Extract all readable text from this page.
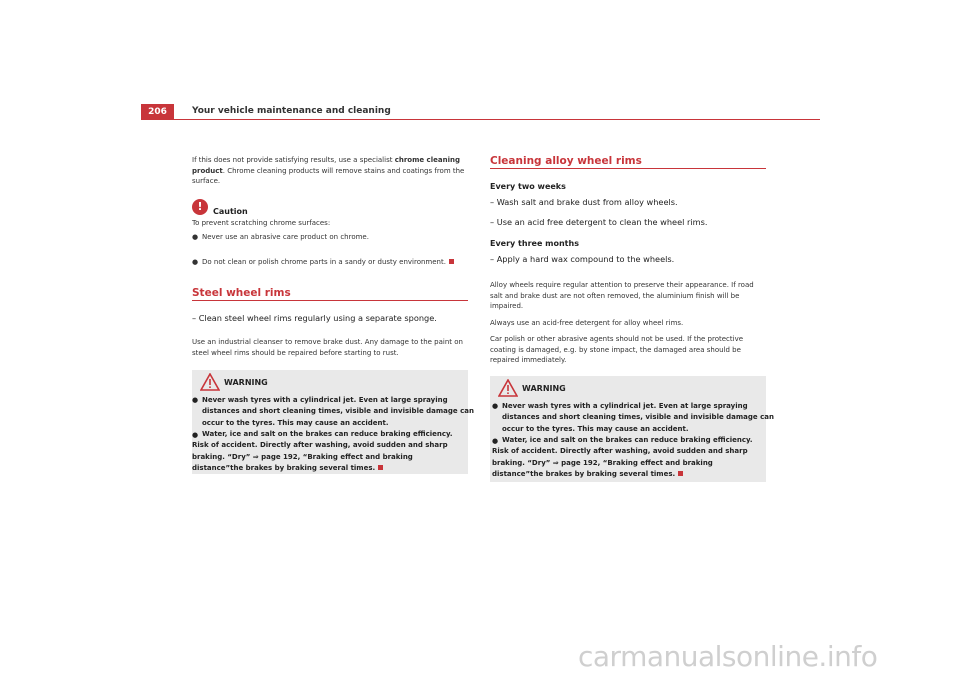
206	Your vehicle maintenance and cleaning
If this does not provide satisfying results, use a specialist chrome cleaning product. Chrome cleaning products will remove stains and coatings from the surface.
!	Caution
To prevent scratching chrome surfaces:
● Never use an abrasive care product on chrome.
● Do not clean or polish chrome parts in a sandy or dusty environment.
Steel wheel rims
– Clean steel wheel rims regularly using a separate sponge.
Use an industrial cleanser to remove brake dust. Any damage to the paint on steel wheel rims should be repaired before starting to rust.
WARNING
● Never wash tyres with a cylindrical jet. Even at large spraying distances and short cleaning times, visible and invisible damage can occur to the tyres. This may cause an accident.
● Water, ice and salt on the brakes can reduce braking efficiency. Risk of accident. Directly after washing, avoid sudden and sharp braking. “Dry” ⇒ page 192, “Braking effect and braking distance”the brakes by braking several times.
Cleaning alloy wheel rims
Every two weeks
– Wash salt and brake dust from alloy wheels.
– Use an acid free detergent to clean the wheel rims.
Every three months
– Apply a hard wax compound to the wheels.
Alloy wheels require regular attention to preserve their appearance. If road salt and brake dust are not often removed, the aluminium finish will be impaired.
Always use an acid-free detergent for alloy wheel rims.
Car polish or other abrasive agents should not be used. If the protective coating is damaged, e.g. by stone impact, the damaged area should be repaired immediately.
WARNING
● Never wash tyres with a cylindrical jet. Even at large spraying distances and short cleaning times, visible and invisible damage can occur to the tyres. This may cause an accident.
● Water, ice and salt on the brakes can reduce braking efficiency. Risk of accident. Directly after washing, avoid sudden and sharp braking. “Dry” ⇒ page 192, “Braking effect and braking distance”the brakes by braking several times.
carmanualsonline.info
